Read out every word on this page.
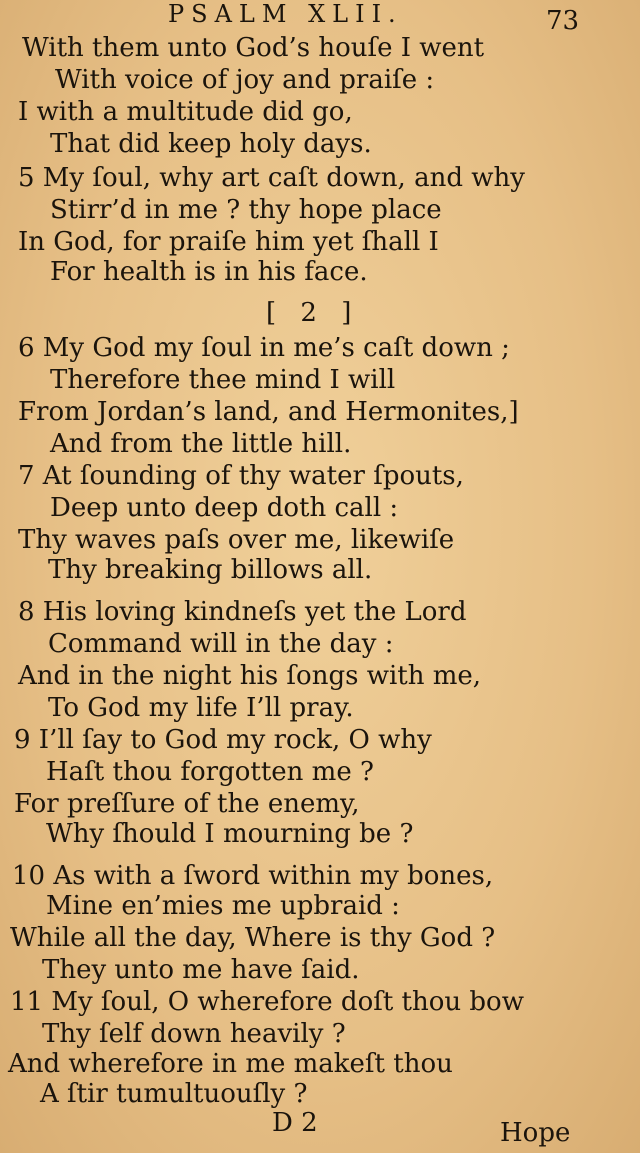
PSALM XLII.	73
With them unto God’s houſe I went
With voice of joy and praiſe :
I with a multitude did go,
That did keep holy days.
5 My ſoul, why art caſt down, and why
Stirr’d in me ? thy hope place
In God, for praiſe him yet ſhall I
For health is in his face.
6 My God my ſoul in me’s caſt down ;
Therefore thee mind I will
From Jordan’s land, and Hermonites,]
And from the little hill.
7 At ſounding of thy water ſpouts,
Deep unto deep doth call :
Thy waves paſs over me, likewiſe
Thy breaking billows all.
8 His loving kindneſs yet the Lord
Command will in the day :
And in the night his ſongs with me,
To God my life I’ll pray.
9 I’ll ſay to God my rock, O why
Haſt thou forgotten me ?
For preſſure of the enemy,
Why ſhould I mourning be ?
10 As with a ſword within my bones,
Mine en’mies me upbraid :
While all the day, Where is thy God ?
They unto me have ſaid.
11 My ſoul, O wherefore doſt thou bow
Thy ſelf down heavily ?
And wherefore in me makeſt thou
A ſtir tumultuouſly ?
[ 2 ]
D 2	Hope
